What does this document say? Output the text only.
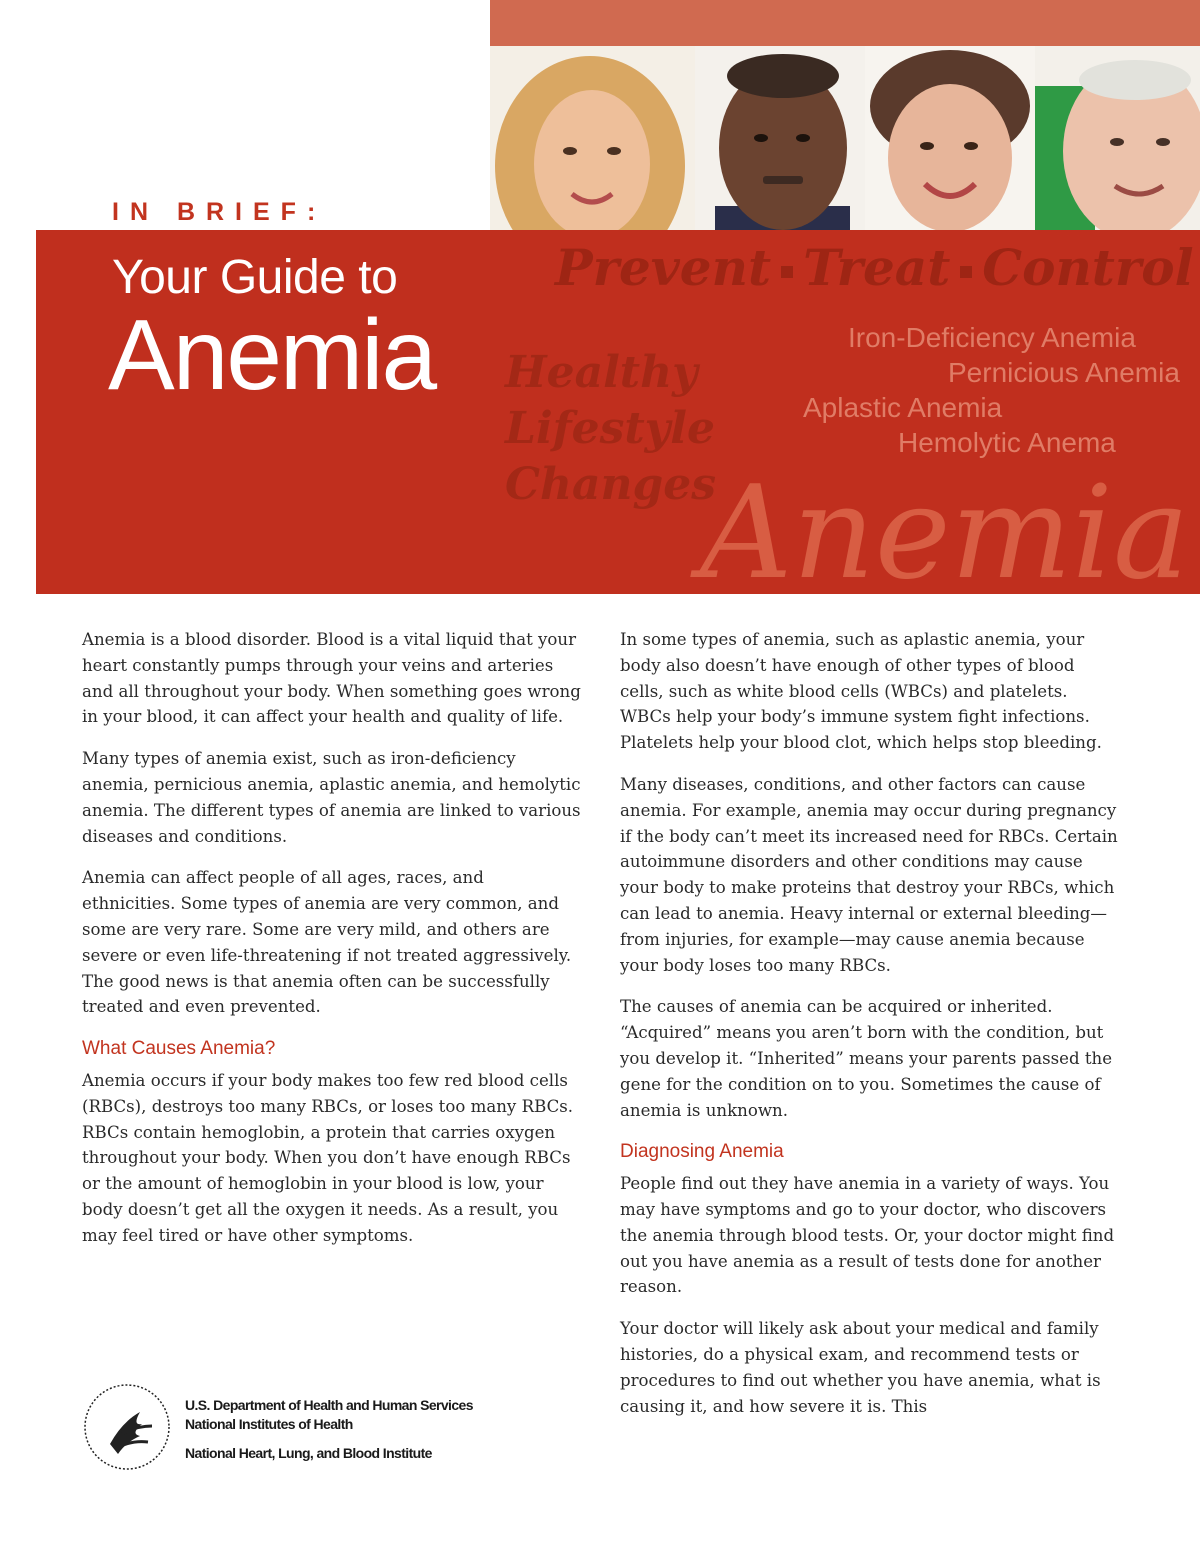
IN BRIEF:
Anemia
Prevent Treat Control
Healthy
Lifestyle
Changes
Iron-Deficiency Anemia
Pernicious Anemia
Aplastic Anemia
Hemolytic Anema
Your Guide to
Anemia

Anemia is a blood disorder. Blood is a vital liquid that your heart constantly pumps through your veins and arteries and all throughout your body. When something goes wrong in your blood, it can affect your health and quality of life.

Many types of anemia exist, such as iron-deficiency anemia, pernicious anemia, aplastic anemia, and hemolytic anemia. The different types of anemia are linked to various diseases and conditions.

Anemia can affect people of all ages, races, and ethnicities. Some types of anemia are very common, and some are very rare. Some are very mild, and others are severe or even life-threatening if not treated aggressively. The good news is that anemia often can be successfully treated and even prevented.

What Causes Anemia?

Anemia occurs if your body makes too few red blood cells (RBCs), destroys too many RBCs, or loses too many RBCs. RBCs contain hemoglobin, a protein that carries oxygen throughout your body. When you don’t have enough RBCs or the amount of hemoglobin in your blood is low, your body doesn’t get all the oxygen it needs. As a result, you may feel tired or have other symptoms.

In some types of anemia, such as aplastic anemia, your body also doesn’t have enough of other types of blood cells, such as white blood cells (WBCs) and platelets. WBCs help your body’s immune system fight infections. Platelets help your blood clot, which helps stop bleeding.

Many diseases, conditions, and other factors can cause anemia. For example, anemia may occur during pregnancy if the body can’t meet its increased need for RBCs. Certain autoimmune disorders and other conditions may cause your body to make proteins that destroy your RBCs, which can lead to anemia. Heavy internal or external bleeding—from injuries, for example—may cause anemia because your body loses too many RBCs.

The causes of anemia can be acquired or inherited. “Acquired” means you aren’t born with the condition, but you develop it. “Inherited” means your parents passed the gene for the condition on to you. Sometimes the cause of anemia is unknown.

Diagnosing Anemia

People find out they have anemia in a variety of ways. You may have symptoms and go to your doctor, who discovers the anemia through blood tests. Or, your doctor might find out you have anemia as a result of tests done for another reason.

Your doctor will likely ask about your medical and family histories, do a physical exam, and recommend tests or procedures to find out whether you have anemia, what is causing it, and how severe it is. This

U.S. Department of Health and Human Services
National Institutes of Health
National Heart, Lung, and Blood Institute
